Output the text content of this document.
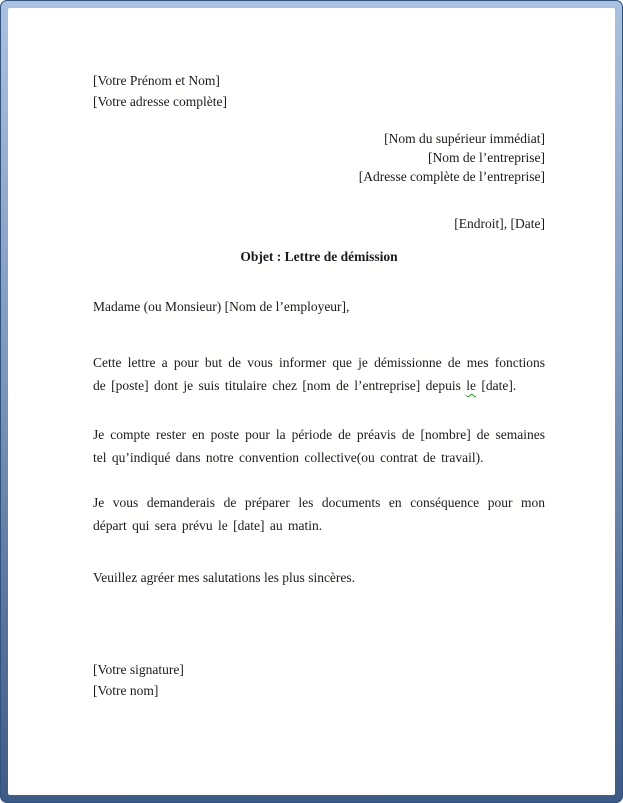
[Votre Prénom et Nom]
[Votre adresse complète]
[Nom du supérieur immédiat]
[Nom de l’entreprise]
[Adresse complète de l’entreprise]
[Endroit], [Date]
Objet : Lettre de démission
Madame (ou Monsieur) [Nom de l’employeur],

Cette lettre a pour but de vous informer que je démissionne de mes fonctions de [poste] dont je suis titulaire chez [nom de l’entreprise] depuis le [date].

Je compte rester en poste pour la période de préavis de [nombre] de semaines tel qu’indiqué dans notre convention collective(ou contrat de travail).

Je vous demanderais de préparer les documents en conséquence pour mon départ qui sera prévu le [date] au matin.

Veuillez agréer mes salutations les plus sincères.
[Votre signature]
[Votre nom]
